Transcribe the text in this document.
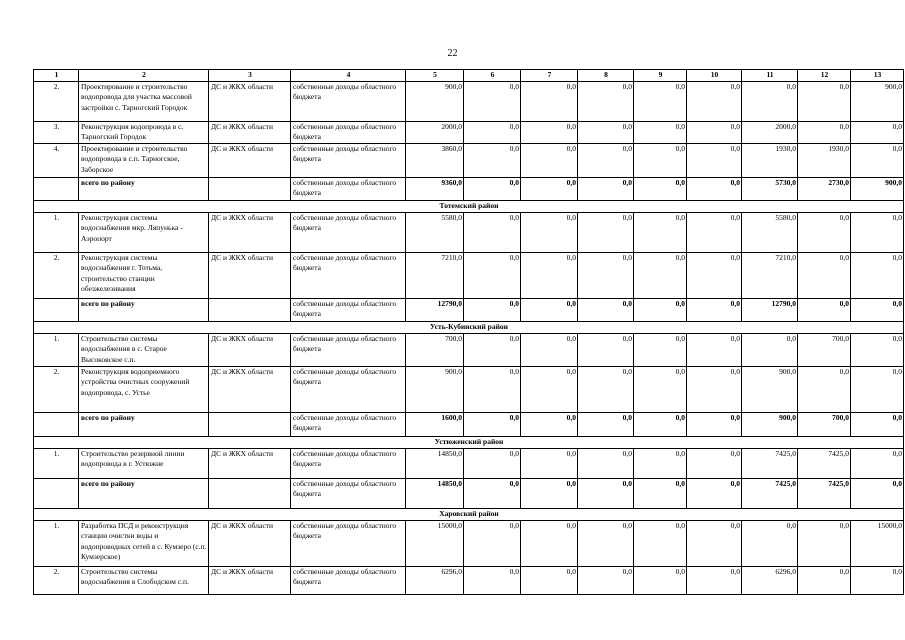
22
1	2	3	4	5	6	7	8	9	10	11	12	13
2.	Проектирование и строительство водопровода для участка массовой застройки с. Тарногский Городок	ДС и ЖКХ области	собственные доходы областного бюджета	900,0	0,0	0,0	0,0	0,0	0,0	0,0	0,0	900,0
3.	Реконструкция водопровода в с. Тарногский Городок	ДС и ЖКХ области	собственные доходы областного бюджета	2000,0	0,0	0,0	0,0	0,0	0,0	2000,0	0,0	0,0
4.	Проектирование и строительство водопровода в с.п. Тарногское, Заборское	ДС и ЖКХ области	собственные доходы областного бюджета	3860,0	0,0	0,0	0,0	0,0	0,0	1930,0	1930,0	0,0
	всего по району		собственные доходы областного бюджета	9360,0	0,0	0,0	0,0	0,0	0,0	5730,0	2730,0	900,0
Тотемский район												
1.	Реконструкция системы водоснабжения мкр. Ляпунька - Аэропорт	ДС и ЖКХ области	собственные доходы областного бюджета	5580,0	0,0	0,0	0,0	0,0	0,0	5580,0	0,0	0,0
2.	Реконструкция системы водоснабжения г. Тотьма, строительство станции обезжелезивания	ДС и ЖКХ области	собственные доходы областного бюджета	7210,0	0,0	0,0	0,0	0,0	0,0	7210,0	0,0	0,0
	всего по району		собственные доходы областного бюджета	12790,0	0,0	0,0	0,0	0,0	0,0	12790,0	0,0	0,0
Усть-Кубинский район												
1.	Строительство системы водоснабжения в с. Старое Высоковское с.п.	ДС и ЖКХ области	собственные доходы областного бюджета	700,0	0,0	0,0	0,0	0,0	0,0	0,0	700,0	0,0
2.	Реконструкция водоприемного устройства очистных сооружений водопровода, с. Устье	ДС и ЖКХ области	собственные доходы областного бюджета	900,0	0,0	0,0	0,0	0,0	0,0	900,0	0,0	0,0
	всего по району		собственные доходы областного бюджета	1600,0	0,0	0,0	0,0	0,0	0,0	900,0	700,0	0,0
Устюженский район												
1.	Строительство резервной линии водопровода в г. Устюжне	ДС и ЖКХ области	собственные доходы областного бюджета	14850,0	0,0	0,0	0,0	0,0	0,0	7425,0	7425,0	0,0
	всего по району		собственные доходы областного бюджета	14850,0	0,0	0,0	0,0	0,0	0,0	7425,0	7425,0	0,0
Харовский район												
1.	Разработка ПСД и реконструкция станции очистки воды и водопроводных сетей в с. Кумзеро (с.п. Кумзерское)	ДС и ЖКХ области	собственные доходы областного бюджета	15000,0	0,0	0,0	0,0	0,0	0,0	0,0	0,0	15000,0
2.	Строительство системы водоснабжения в Слободском с.п.	ДС и ЖКХ области	собственные доходы областного бюджета	6296,0	0,0	0,0	0,0	0,0	0,0	6296,0	0,0	0,0
